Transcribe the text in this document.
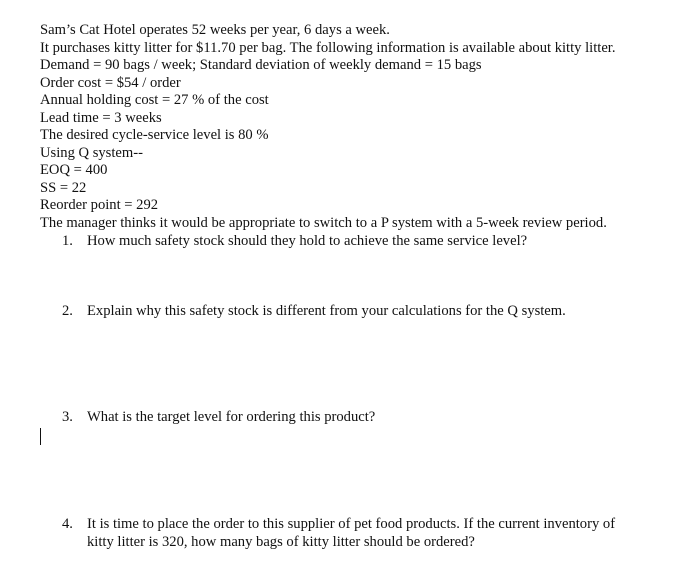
Sam’s Cat Hotel operates 52 weeks per year, 6 days a week.
It purchases kitty litter for $11.70 per bag. The following information is available about kitty litter.
Demand = 90 bags / week; Standard deviation of weekly demand = 15 bags
Order cost = $54 / order
Annual holding cost = 27 % of the cost
Lead time = 3 weeks
The desired cycle-service level is 80 %
Using Q system--
EOQ = 400
SS = 22
Reorder point = 292
The manager thinks it would be appropriate to switch to a P system with a 5-week review period.
1. How much safety stock should they hold to achieve the same service level?
2. Explain why this safety stock is different from your calculations for the Q system.
3. What is the target level for ordering this product?
4. It is time to place the order to this supplier of pet food products. If the current inventory of
kitty litter is 320, how many bags of kitty litter should be ordered?
